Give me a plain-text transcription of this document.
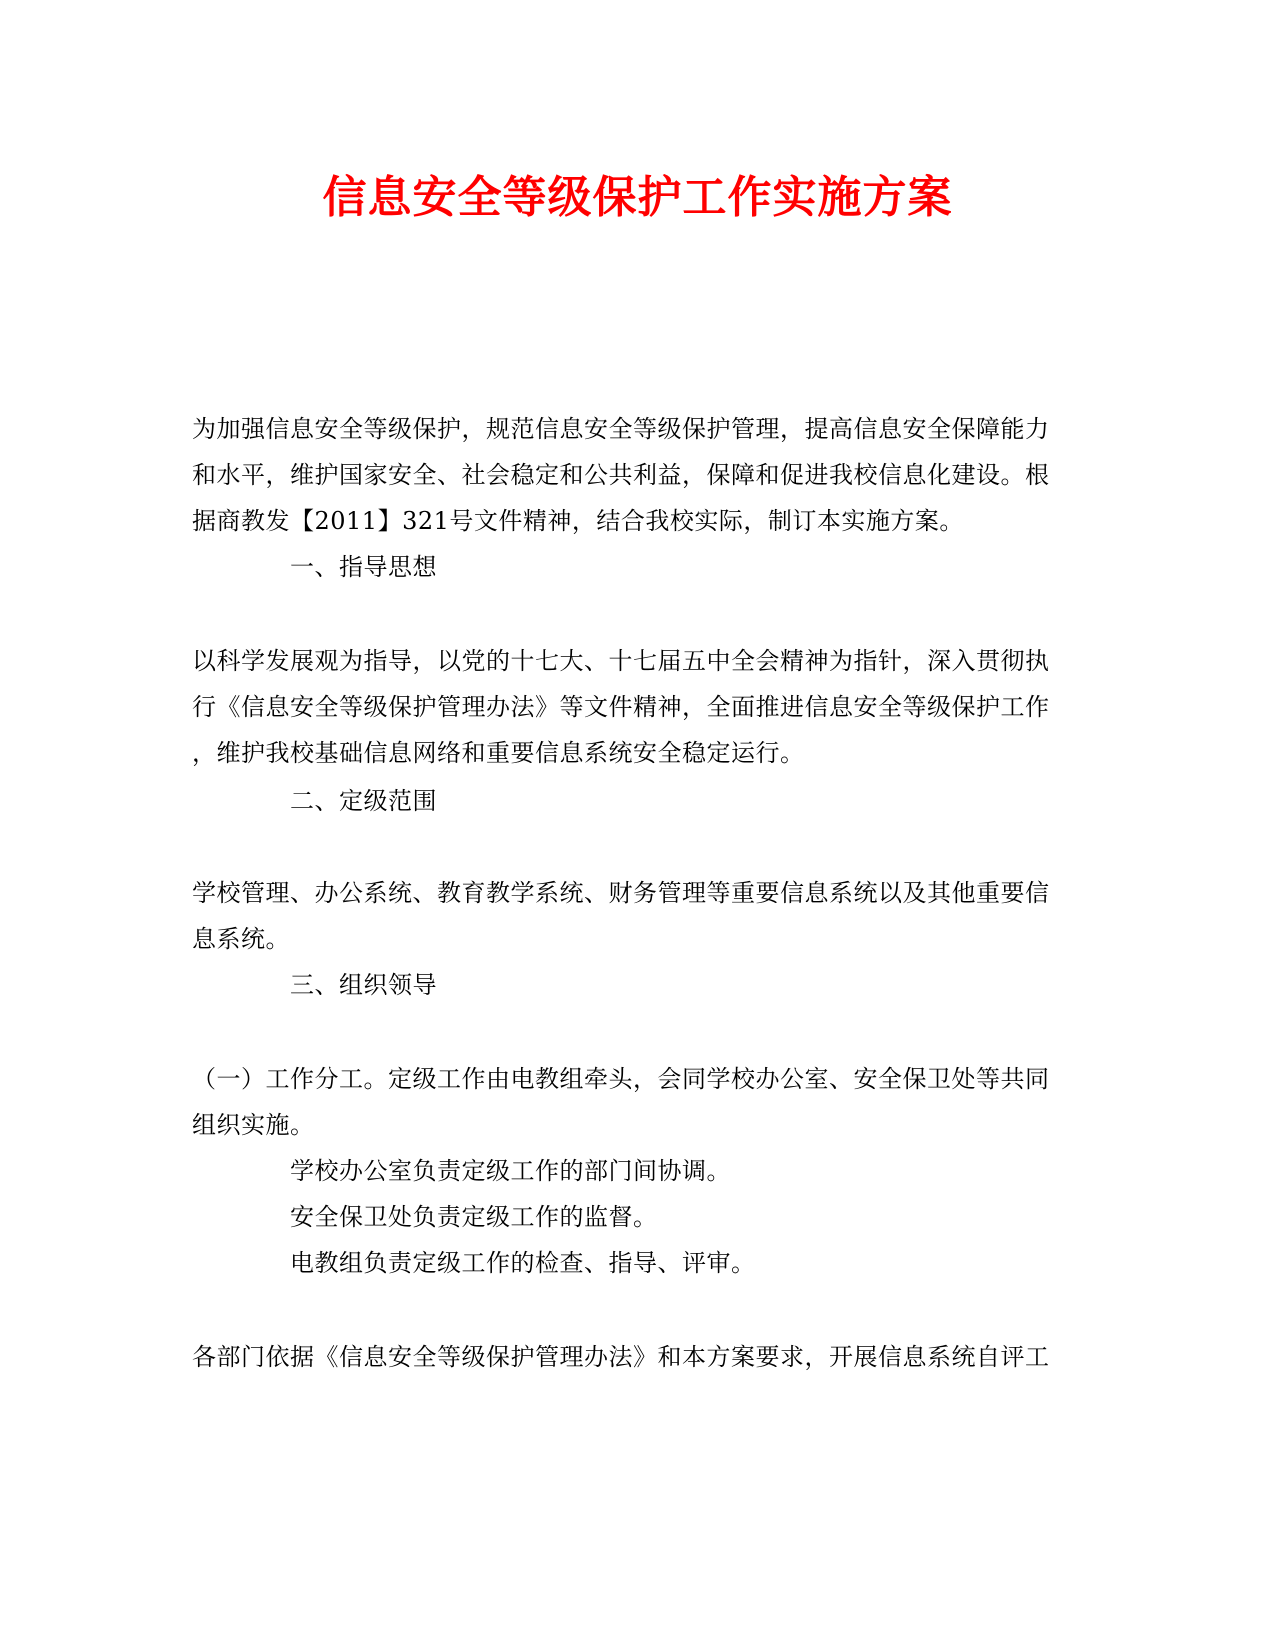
信息安全等级保护工作实施方案
为加强信息安全等级保护，规范信息安全等级保护管理，提高信息安全保障能力
和水平，维护国家安全、社会稳定和公共利益，保障和促进我校信息化建设。根
据商教发【2011】321号文件精神，结合我校实际，制订本实施方案。
一、指导思想
以科学发展观为指导，以党的十七大、十七届五中全会精神为指针，深入贯彻执
行《信息安全等级保护管理办法》等文件精神，全面推进信息安全等级保护工作
，维护我校基础信息网络和重要信息系统安全稳定运行。
二、定级范围
学校管理、办公系统、教育教学系统、财务管理等重要信息系统以及其他重要信
息系统。
三、组织领导
（一）工作分工。定级工作由电教组牵头，会同学校办公室、安全保卫处等共同
组织实施。
学校办公室负责定级工作的部门间协调。
安全保卫处负责定级工作的监督。
电教组负责定级工作的检查、指导、评审。
各部门依据《信息安全等级保护管理办法》和本方案要求，开展信息系统自评工
